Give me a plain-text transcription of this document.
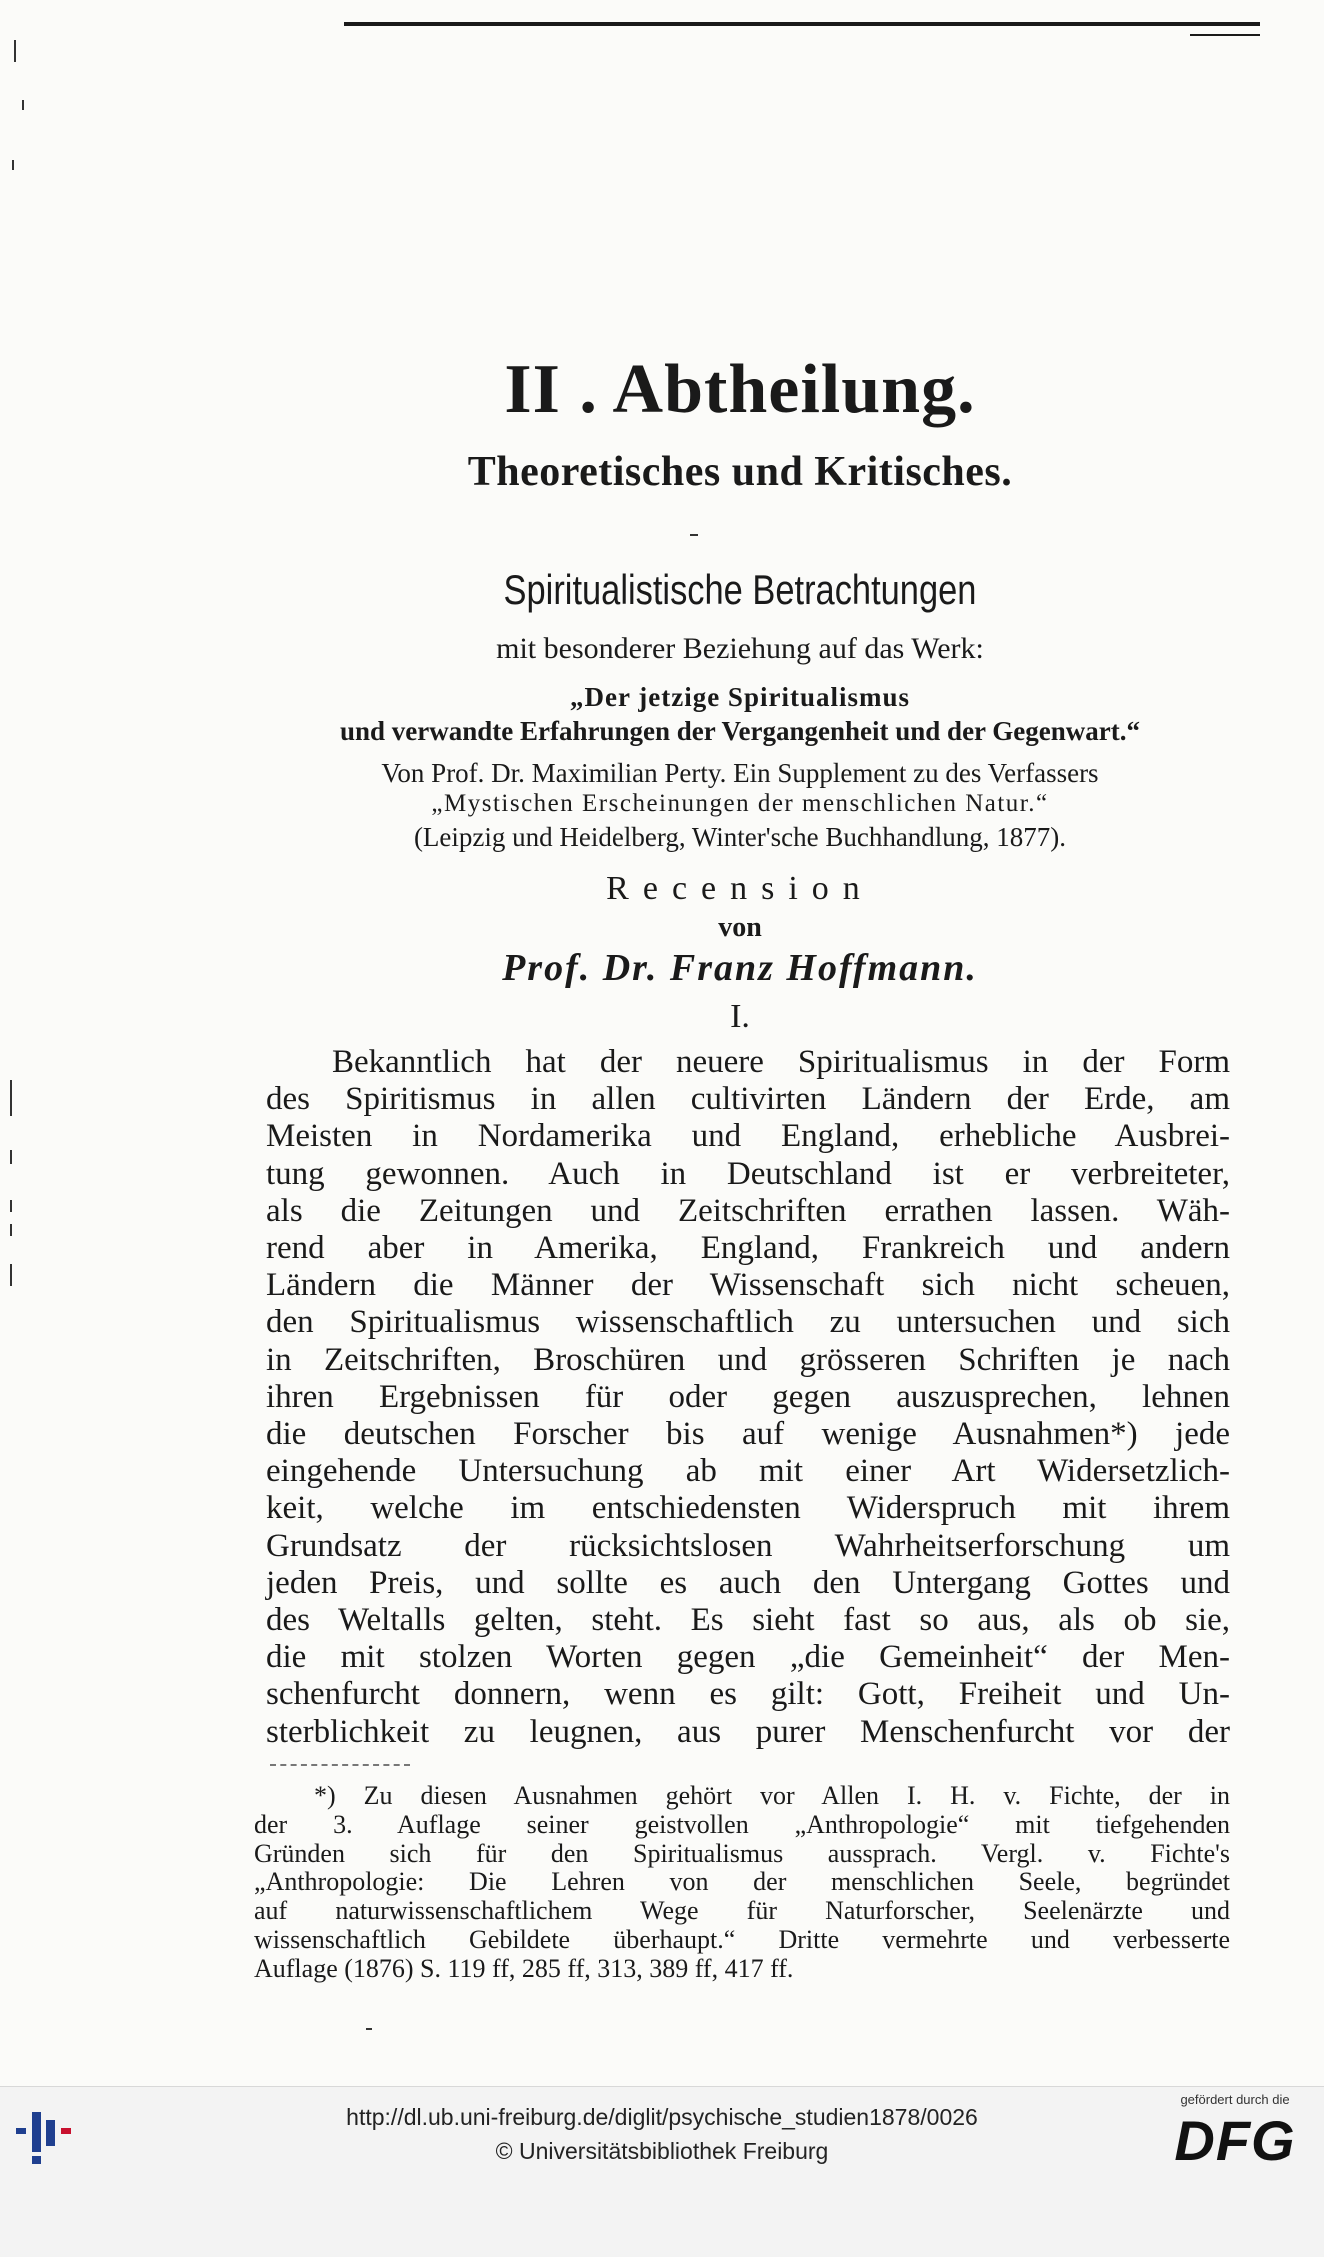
II . Abtheilung.
Theoretisches und Kritisches.
Spiritualistische Betrachtungen
mit besonderer Beziehung auf das Werk:
„Der jetzige Spiritualismus
und verwandte Erfahrungen der Vergangenheit und der Gegenwart.“
Von Prof. Dr. Maximilian Perty. Ein Supplement zu des Verfassers
„Mystischen Erscheinungen der menschlichen Natur.“
(Leipzig und Heidelberg, Winter'sche Buchhandlung, 1877).
Recension
von
Prof. Dr. Franz Hoffmann.
I.
Bekanntlich hat der neuere Spiritualismus in der Form
des Spiritismus in allen cultivirten Ländern der Erde, am
Meisten in Nordamerika und England, erhebliche Ausbrei-
tung gewonnen. Auch in Deutschland ist er verbreiteter,
als die Zeitungen und Zeitschriften errathen lassen. Wäh-
rend aber in Amerika, England, Frankreich und andern
Ländern die Männer der Wissenschaft sich nicht scheuen,
den Spiritualismus wissenschaftlich zu untersuchen und sich
in Zeitschriften, Broschüren und grösseren Schriften je nach
ihren Ergebnissen für oder gegen auszusprechen, lehnen
die deutschen Forscher bis auf wenige Ausnahmen*) jede
eingehende Untersuchung ab mit einer Art Widersetzlich-
keit, welche im entschiedensten Widerspruch mit ihrem
Grundsatz der rücksichtslosen Wahrheitserforschung um
jeden Preis, und sollte es auch den Untergang Gottes und
des Weltalls gelten, steht. Es sieht fast so aus, als ob sie,
die mit stolzen Worten gegen „die Gemeinheit“ der Men-
schenfurcht donnern, wenn es gilt: Gott, Freiheit und Un-
sterblichkeit zu leugnen, aus purer Menschenfurcht vor der
*) Zu diesen Ausnahmen gehört vor Allen I. H. v. Fichte, der in
der 3. Auflage seiner geistvollen „Anthropologie“ mit tiefgehenden
Gründen sich für den Spiritualismus aussprach. Vergl. v. Fichte's
„Anthropologie: Die Lehren von der menschlichen Seele, begründet
auf naturwissenschaftlichem Wege für Naturforscher, Seelenärzte und
wissenschaftlich Gebildete überhaupt.“ Dritte vermehrte und verbesserte
Auflage (1876) S. 119 ff, 285 ff, 313, 389 ff, 417 ff.
http://dl.ub.uni-freiburg.de/diglit/psychische_studien1878/0026
© Universitätsbibliothek Freiburg
gefördert durch die
DFG
